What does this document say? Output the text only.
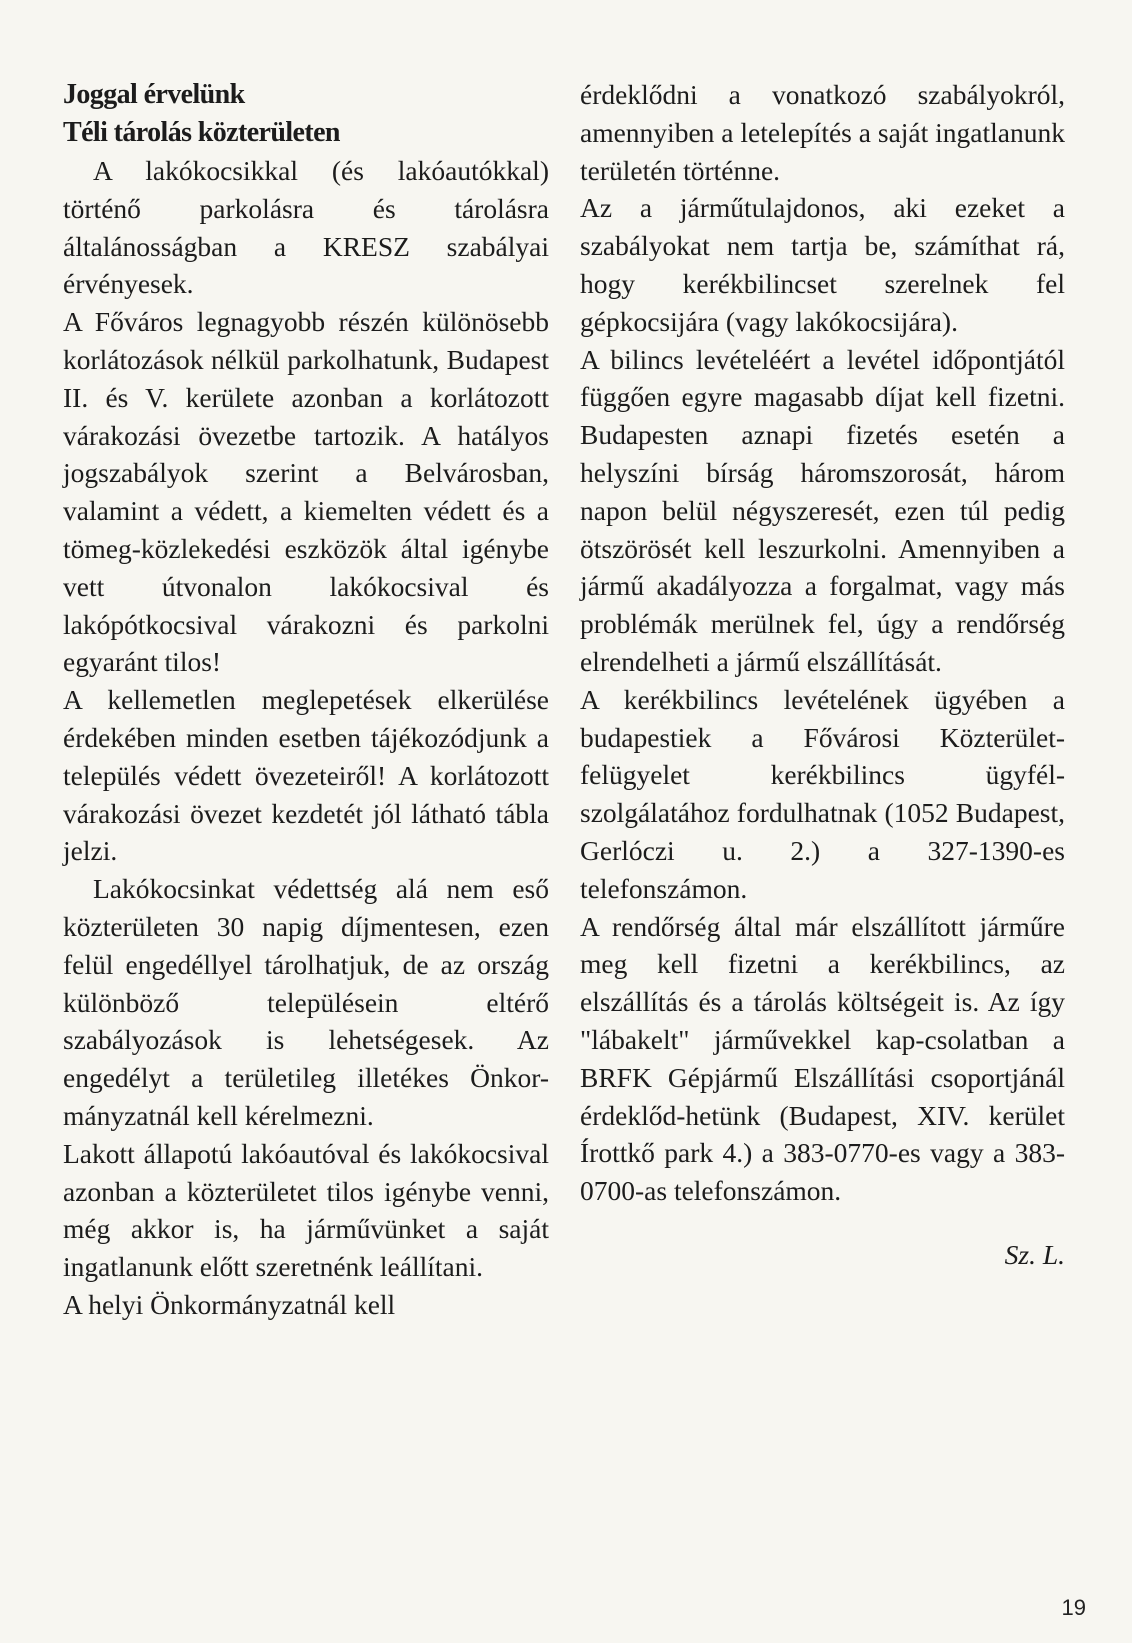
Joggal érvelünk

Téli tárolás közterületen

A lakókocsikkal (és lakóautókkal) történő parkolásra és tárolásra általánosságban a KRESZ szabályai érvényesek.

A Főváros legnagyobb részén különösebb korlátozások nélkül parkolhatunk, Budapest II. és V. kerülete azonban a korlátozott várakozási övezetbe tartozik. A hatályos jogszabályok szerint a Belvárosban, valamint a védett, a kiemelten védett és a tömeg-közlekedési eszközök által igénybe vett útvonalon lakókocsival és lakópótkocsival várakozni és parkolni egyaránt tilos!

A kellemetlen meglepetések elkerülése érdekében minden esetben tájékozódjunk a település védett övezeteiről! A korlátozott várakozási övezet kezdetét jól látható tábla jelzi.

Lakókocsinkat védettség alá nem eső közterületen 30 napig díjmentesen, ezen felül engedéllyel tárolhatjuk, de az ország különböző településein eltérő szabályozások is lehetségesek. Az engedélyt a területileg illetékes Önkor-mányzatnál kell kérelmezni.

Lakott állapotú lakóautóval és lakókocsival azonban a közterületet tilos igénybe venni, még akkor is, ha járművünket a saját ingatlanunk előtt szeretnénk leállítani.

A helyi Önkormányzatnál kell

érdeklődni a vonatkozó szabályokról, amennyiben a letelepítés a saját ingatlanunk területén történne.

Az a járműtulajdonos, aki ezeket a szabályokat nem tartja be, számíthat rá, hogy kerékbilincset szerelnek fel gépkocsijára (vagy lakókocsijára).

A bilincs levételéért a levétel időpontjától függően egyre magasabb díjat kell fizetni. Budapesten aznapi fizetés esetén a helyszíni bírság háromszorosát, három napon belül négyszeresét, ezen túl pedig ötszörösét kell leszurkolni. Amennyiben a jármű akadályozza a forgalmat, vagy más problémák merülnek fel, úgy a rendőrség elrendelheti a jármű elszállítását.

A kerékbilincs levételének ügyében a budapestiek a Fővárosi Közterület-felügyelet kerékbilincs ügyfél-szolgálatához fordulhatnak (1052 Budapest, Gerlóczi u. 2.) a 327-1390-es telefonszámon.

A rendőrség által már elszállított járműre meg kell fizetni a kerékbilincs, az elszállítás és a tárolás költségeit is. Az így "lábakelt" járművekkel kap-csolatban a BRFK Gépjármű Elszállítási csoportjánál érdeklőd-hetünk (Budapest, XIV. kerület Írottkő park 4.) a 383-0770-es vagy a 383-0700-as telefonszámon.

Sz. L.

19
